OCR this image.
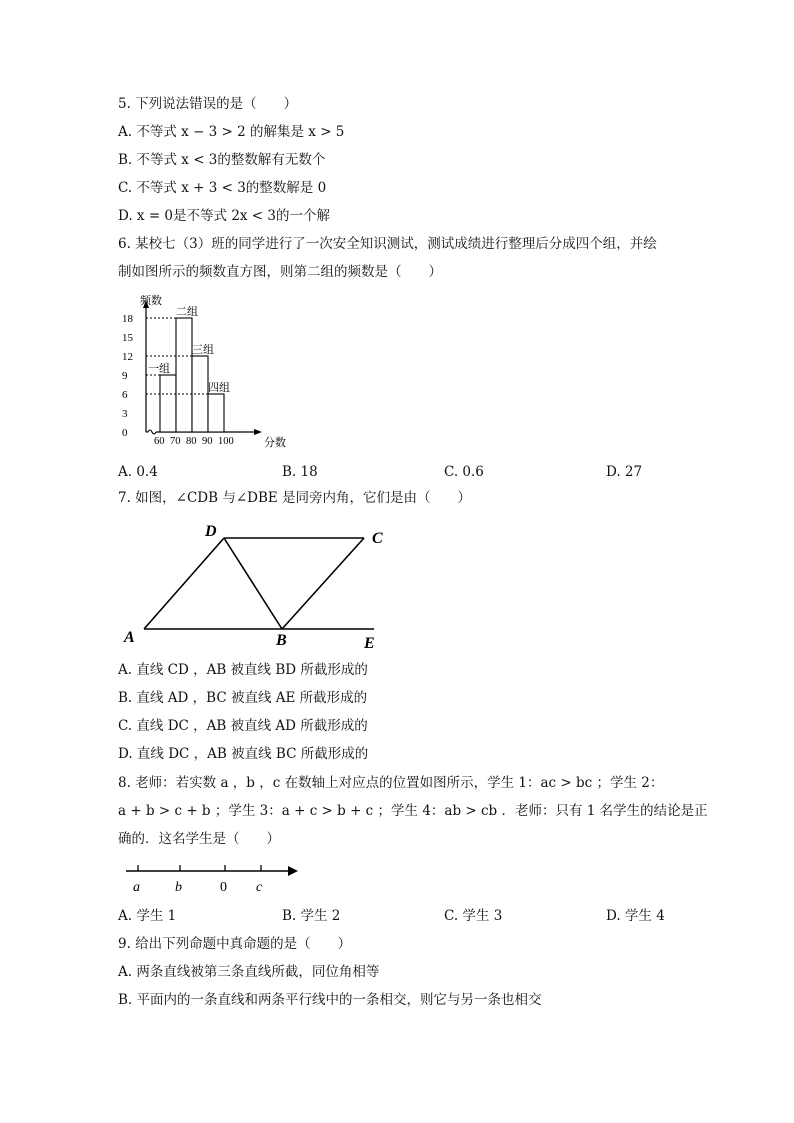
5. 下列说法错误的是（　　）
A. 不等式 x − 3 > 2 的解集是 x > 5
B. 不等式 x < 3的整数解有无数个
C. 不等式 x + 3 < 3的整数解是 0
D. x = 0是不等式 2x < 3的一个解
6. 某校七（3）班的同学进行了一次安全知识测试，测试成绩进行整理后分成四个组，并绘
制如图所示的频数直方图，则第二组的频数是（　　）
频数
分数
0
3
6
9
12
15
18
60 70 80 90 100
一组
二组
三组
四组
A. 0.4	B. 18	C. 0.6	D. 27
7. 如图，∠CDB 与∠DBE 是同旁内角，它们是由（　　）
D	C
A	B	E
A. 直线 CD ，AB 被直线 BD 所截形成的
B. 直线 AD ，BC 被直线 AE 所截形成的
C. 直线 DC ，AB 被直线 AD 所截形成的
D. 直线 DC ，AB 被直线 BC 所截形成的
8. 老师：若实数 a ，b ，c 在数轴上对应点的位置如图所示，学生 1：ac > bc ；学生 2：
a + b > c + b ；学生 3：a + c > b + c ；学生 4：ab > cb ．老师：只有 1 名学生的结论是正
确的．这名学生是（　　）
a	b	0 c
A. 学生 1	B. 学生 2	C. 学生 3	D. 学生 4
9. 给出下列命题中真命题的是（　　）
A. 两条直线被第三条直线所截，同位角相等
B. 平面内的一条直线和两条平行线中的一条相交，则它与另一条也相交
